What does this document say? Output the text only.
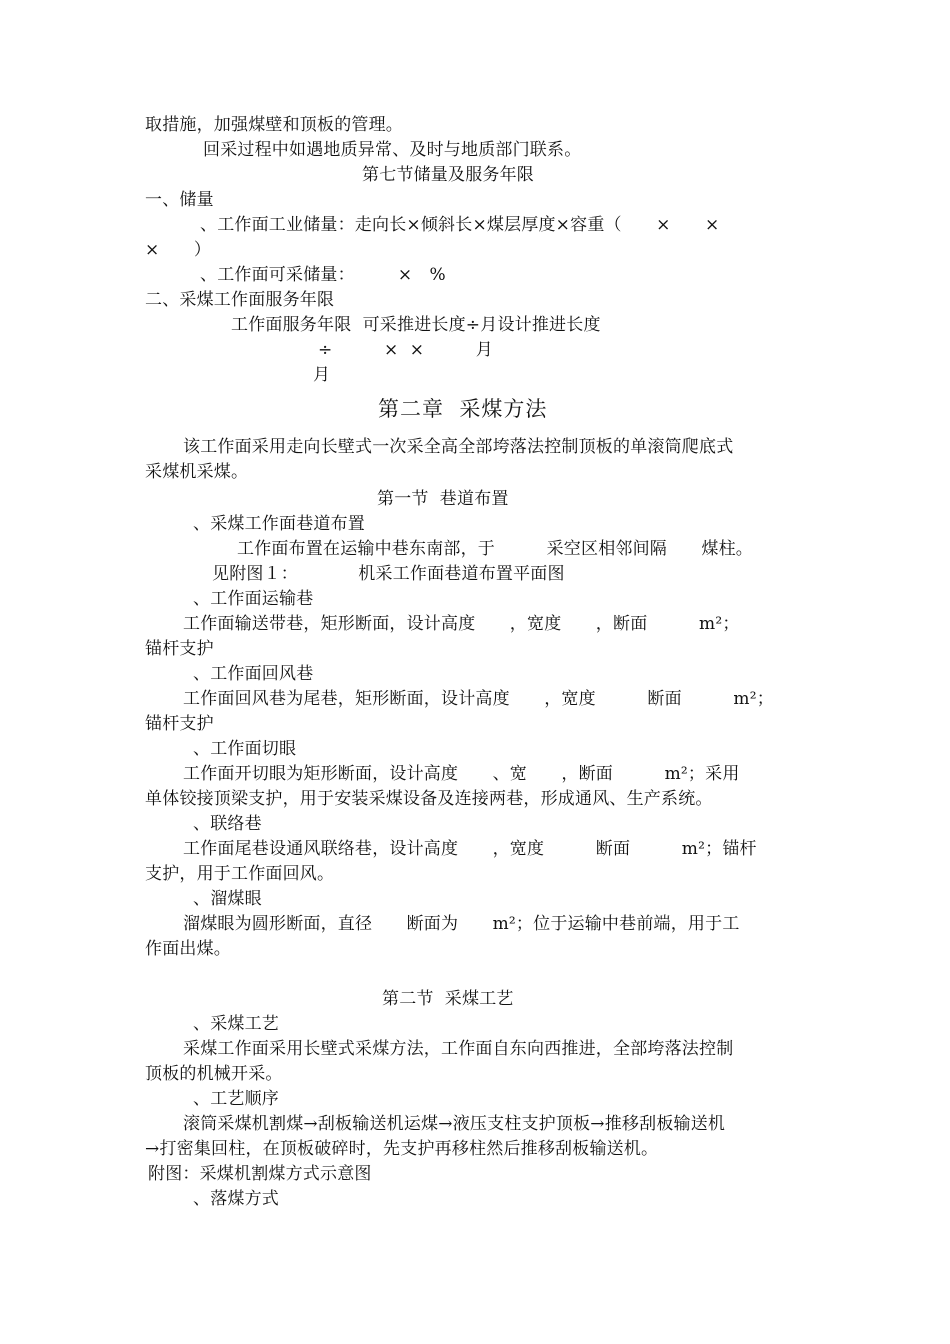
取措施，加强煤壁和顶板的管理。
回采过程中如遇地质异常、及时与地质部门联系。
第七节储量及服务年限
一、储量
、工作面工业储量：走向长×倾斜长×煤层厚度×容重（　　×　　×
×　　）
、工作面可采储量：　　　×　%
二、采煤工作面服务年限
工作面服务年限  可采推进长度÷月设计推进长度
÷　　　×  ×　　　月
月
第二章  采煤方法
该工作面采用走向长壁式一次采全高全部垮落法控制顶板的单滚筒爬底式
采煤机采煤。
第一节  巷道布置
、采煤工作面巷道布置
工作面布置在运输中巷东南部，于　　　采空区相邻间隔　　煤柱。
见附图１：　　　　机采工作面巷道布置平面图
、工作面运输巷
工作面输送带巷，矩形断面，设计高度　　，宽度　　，断面　　　m²；
锚杆支护
、工作面回风巷
工作面回风巷为尾巷，矩形断面，设计高度　　，宽度　　　断面　　　m²；
锚杆支护
、工作面切眼
工作面开切眼为矩形断面，设计高度　　、宽　　，断面　　　m²；采用
单体铰接顶梁支护，用于安装采煤设备及连接两巷，形成通风、生产系统。
、联络巷
工作面尾巷设通风联络巷，设计高度　　，宽度　　　断面　　　m²；锚杆
支护，用于工作面回风。
、溜煤眼
溜煤眼为圆形断面，直径　　断面为　　m²；位于运输中巷前端，用于工
作面出煤。
第二节  采煤工艺
、采煤工艺
采煤工作面采用长壁式采煤方法，工作面自东向西推进，全部垮落法控制
顶板的机械开采。
、工艺顺序
滚筒采煤机割煤→刮板输送机运煤→液压支柱支护顶板→推移刮板输送机
→打密集回柱，在顶板破碎时，先支护再移柱然后推移刮板输送机。
附图：采煤机割煤方式示意图
、落煤方式
